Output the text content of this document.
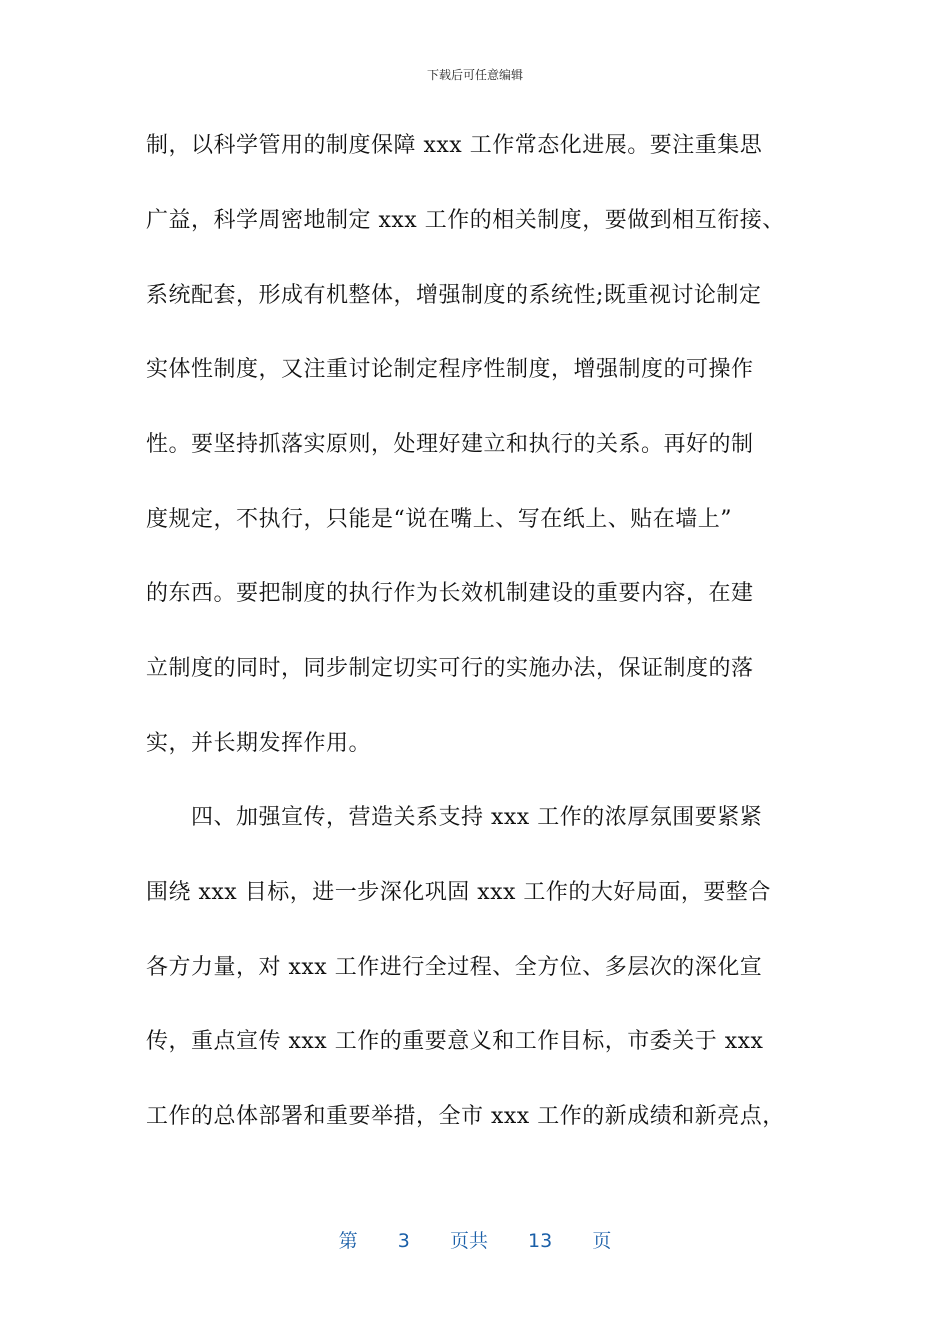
下载后可任意编辑
制，以科学管用的制度保障 xxx 工作常态化进展。要注重集思
广益，科学周密地制定 xxx 工作的相关制度，要做到相互衔接、
系统配套，形成有机整体，增强制度的系统性;既重视讨论制定
实体性制度，又注重讨论制定程序性制度，增强制度的可操作
性。要坚持抓落实原则，处理好建立和执行的关系。再好的制
度规定，不执行，只能是“说在嘴上、写在纸上、贴在墙上”
的东西。要把制度的执行作为长效机制建设的重要内容，在建
立制度的同时，同步制定切实可行的实施办法，保证制度的落
实，并长期发挥作用。
　　四、加强宣传，营造关系支持 xxx 工作的浓厚氛围要紧紧
围绕 xxx 目标，进一步深化巩固 xxx 工作的大好局面，要整合
各方力量，对 xxx 工作进行全过程、全方位、多层次的深化宣
传，重点宣传 xxx 工作的重要意义和工作目标，市委关于 xxx
工作的总体部署和重要举措，全市 xxx 工作的新成绩和新亮点，
第 3 页共 13 页
